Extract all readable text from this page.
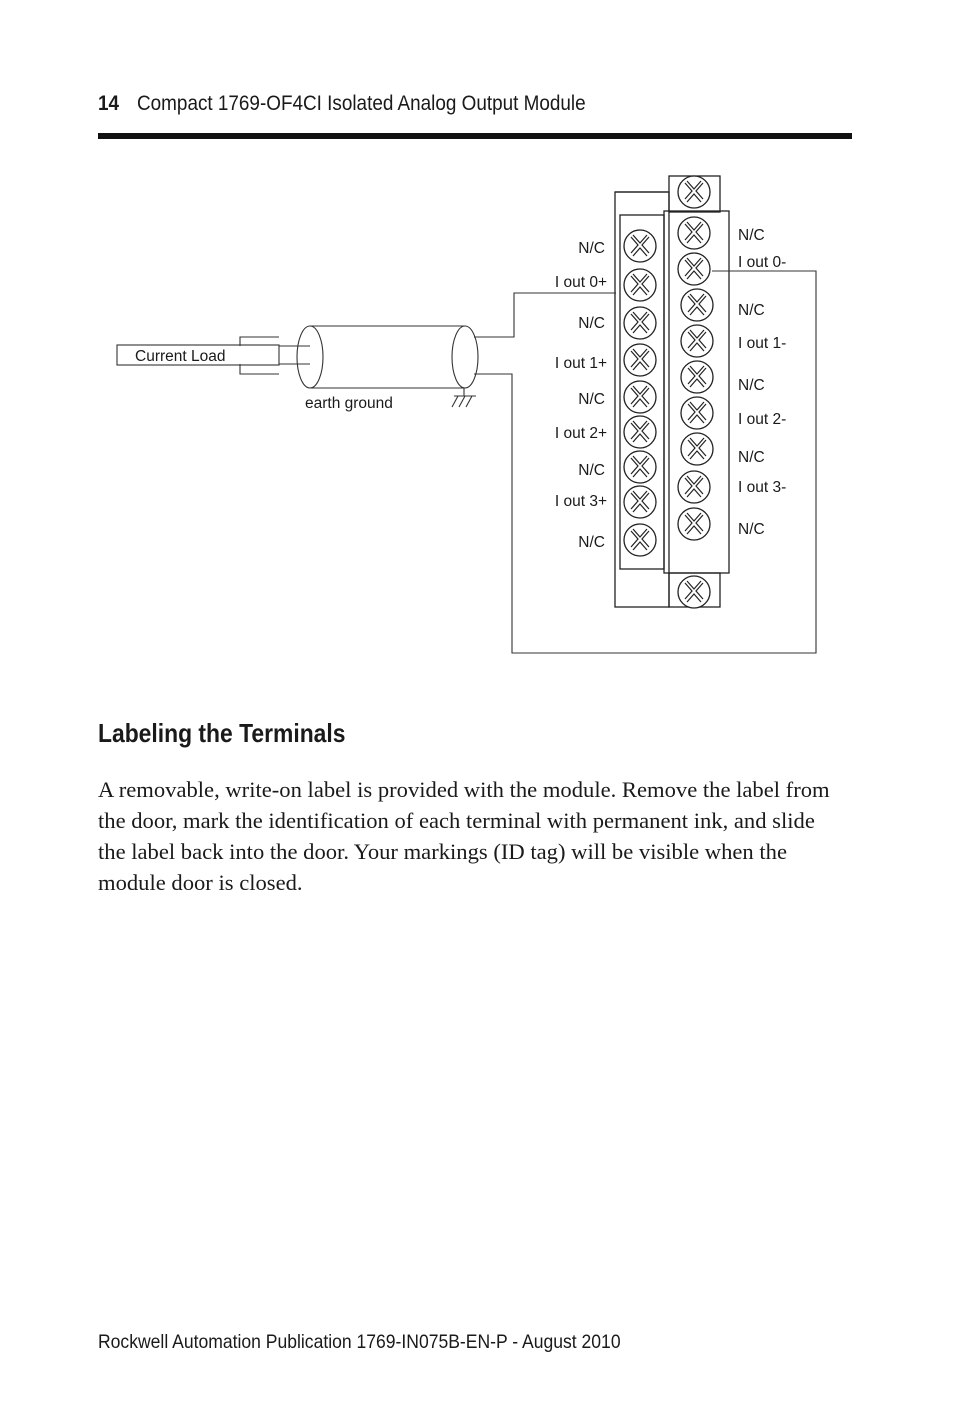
14 Compact 1769-OF4CI Isolated Analog Output Module
Current Load
earth ground
N/C
I out 0+
N/C
I out 1+
N/C
I out 2+
N/C
I out 3+
N/C
N/C
I out 0-
N/C
I out 1-
N/C
I out 2-
N/C
I out 3-
N/C
Labeling the Terminals

A removable, write-on label is provided with the module. Remove the label from the door, mark the identification of each terminal with permanent ink, and slide the label back into the door. Your markings (ID tag) will be visible when the module door is closed.

Rockwell Automation Publication 1769-IN075B-EN-P - August 2010
